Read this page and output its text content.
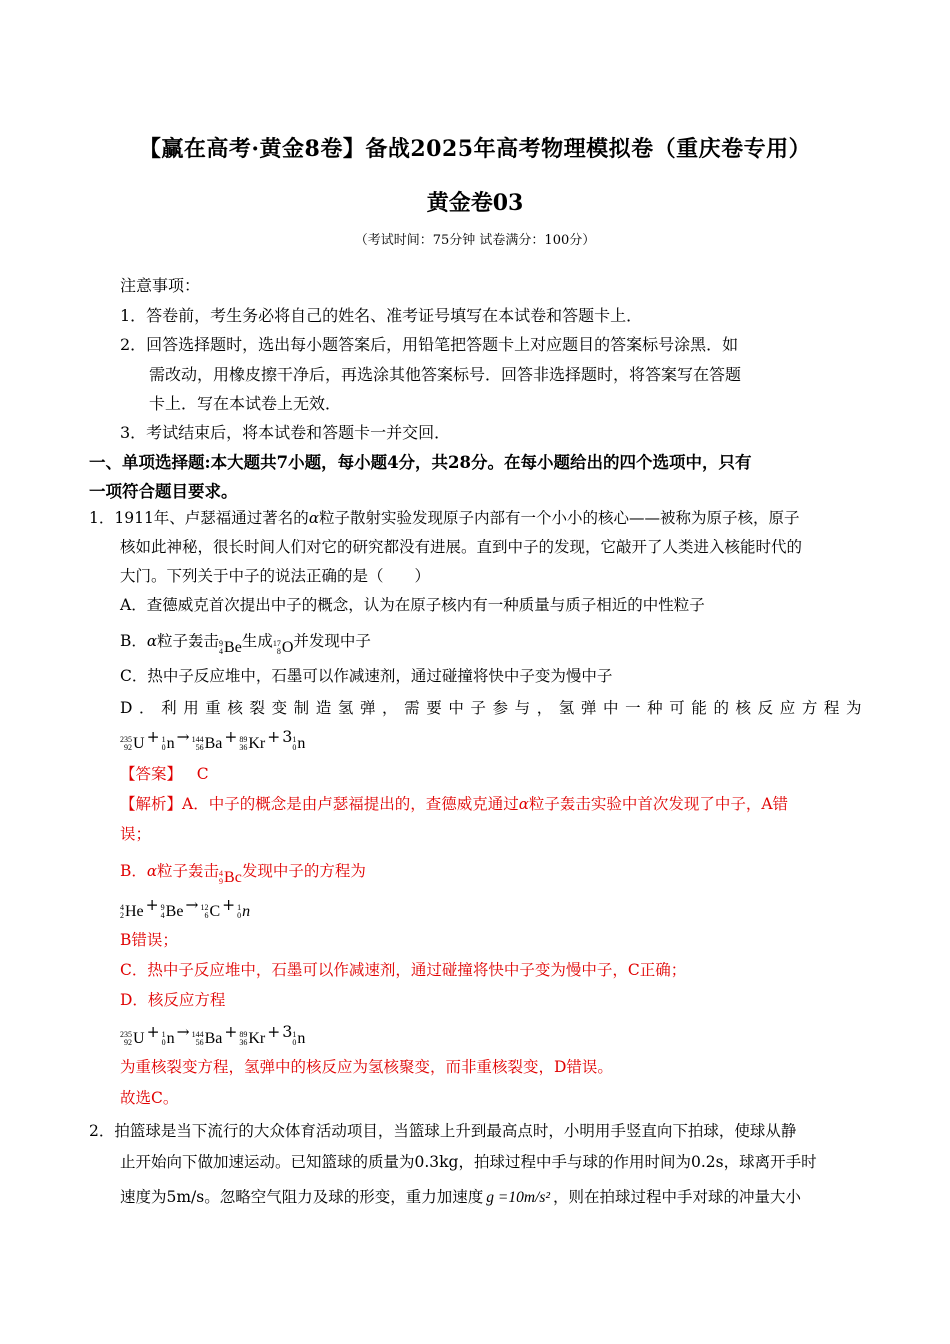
【赢在高考·黄金8卷】备战2025年高考物理模拟卷（重庆卷专用）
黄金卷03
（考试时间：75分钟 试卷满分：100分）
注意事项：
1．答卷前，考生务必将自己的姓名、准考证号填写在本试卷和答题卡上．
2．回答选择题时，选出每小题答案后，用铅笔把答题卡上对应题目的答案标号涂黑．如
需改动，用橡皮擦干净后，再选涂其他答案标号．回答非选择题时，将答案写在答题
卡上．写在本试卷上无效．
3．考试结束后，将本试卷和答题卡一并交回．
一、单项选择题:本大题共7小题，每小题4分，共28分。在每小题给出的四个选项中，只有
一项符合题目要求。
1．1911年、卢瑟福通过著名的α粒子散射实验发现原子内部有一个小小的核心——被称为原子核，原子
核如此神秘，很长时间人们对它的研究都没有进展。直到中子的发现，它敲开了人类进入核能时代的
大门。下列关于中子的说法正确的是（　　）
A．查德威克首次提出中子的概念，认为在原子核内有一种质量与质子相近的中性粒子
B．α粒子轰击 9
4 Be 生成 17
8 O 并发现中子
C．热中子反应堆中，石墨可以作减速剂，通过碰撞将快中子变为慢中子
D ． 利 用 重 核 裂 变 制 造 氢 弹 ， 需 要 中 子 参 与 ， 氢 弹 中 一 种 可 能 的 核 反 应 方 程 为
235
92 U + 1
0 n → 144
56 Ba + 89
36 Kr + 3 1
0 n
【答案】 C
【解析】A．中子的概念是由卢瑟福提出的，查德威克通过α粒子轰击实验中首次发现了中子，A错
误；
B．α粒子轰击 4
9 Bc 发现中子的方程为
4
2 He + 9
4 Be → 12
6 C + 1
0 n
B错误；
C．热中子反应堆中，石墨可以作减速剂，通过碰撞将快中子变为慢中子，C正确；
D．核反应方程
235
92 U + 1
0 n → 144
56 Ba + 89
36 Kr + 3 1
0 n
为重核裂变方程，氢弹中的核反应为氢核聚变，而非重核裂变，D错误。
故选C。
2．拍篮球是当下流行的大众体育活动项目，当篮球上升到最高点时，小明用手竖直向下拍球，使球从静
止开始向下做加速运动。已知篮球的质量为0.3kg，拍球过程中手与球的作用时间为0.2s，球离开手时
速度为5m/s。忽略空气阻力及球的形变，重力加速度 g =10m/s² ，则在拍球过程中手对球的冲量大小
